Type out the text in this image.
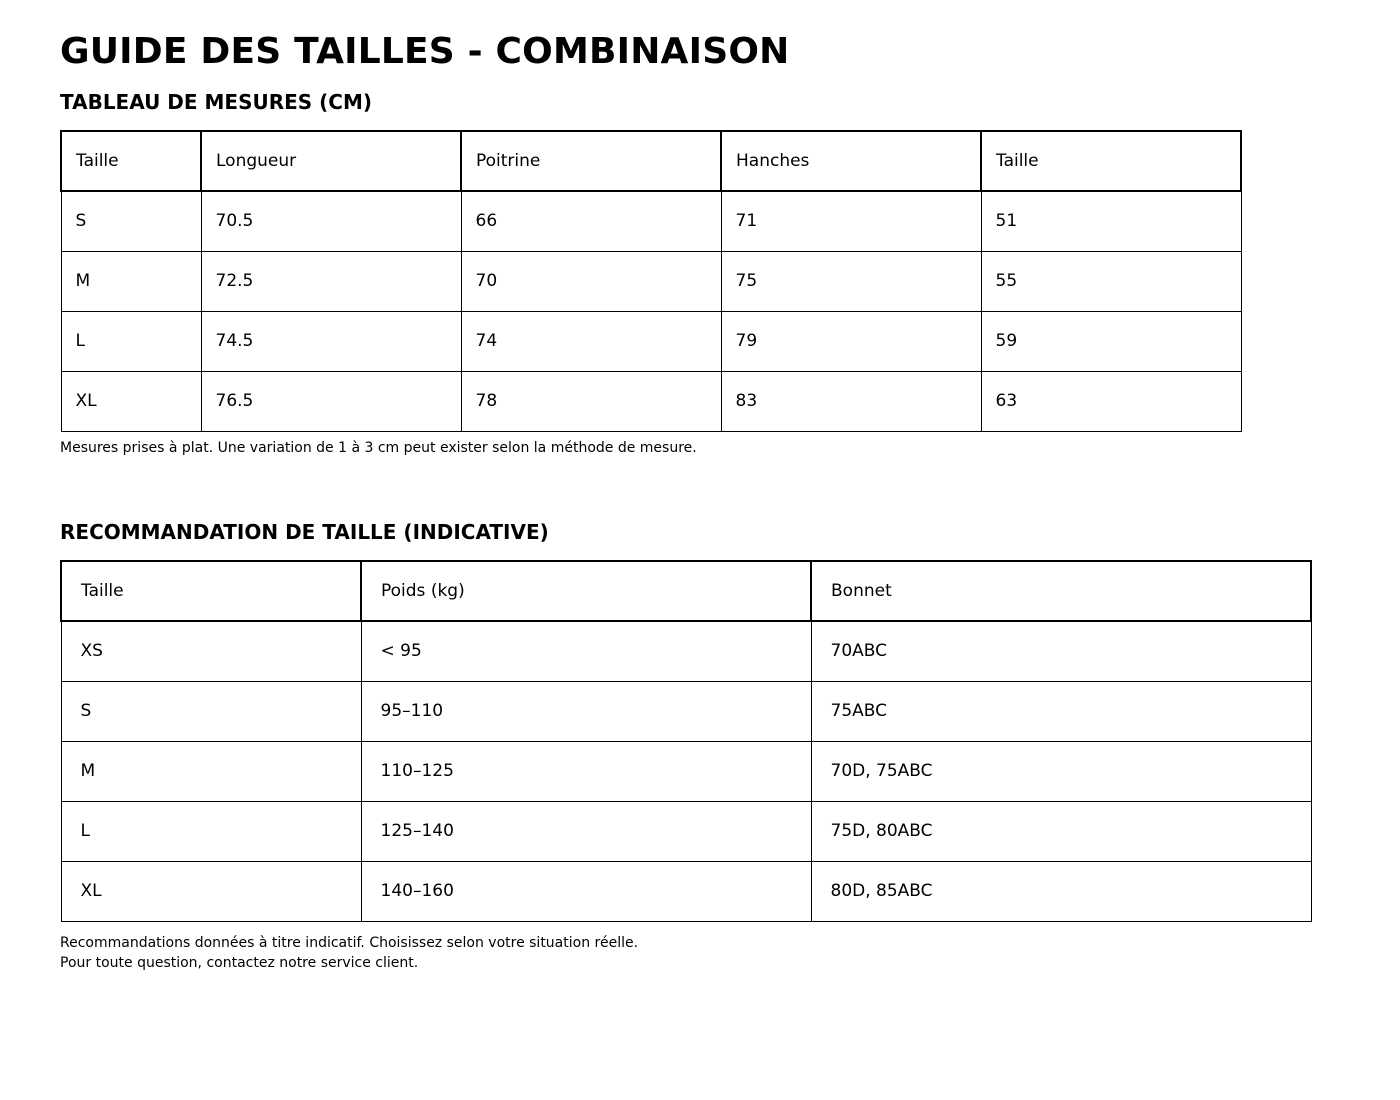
GUIDE DES TAILLES - COMBINAISON
TABLEAU DE MESURES (CM)
Taille	Longueur	Poitrine	Hanches	Taille
S	70.5	66	71	51
M	72.5	70	75	55
L	74.5	74	79	59
XL	76.5	78	83	63

Mesures prises à plat. Une variation de 1 à 3 cm peut exister selon la méthode de mesure.

RECOMMANDATION DE TAILLE (INDICATIVE)
Taille	Poids (kg)	Bonnet
XS	< 95	70ABC
S	95–110	75ABC
M	110–125	70D, 75ABC
L	125–140	75D, 80ABC
XL	140–160	80D, 85ABC

Recommandations données à titre indicatif. Choisissez selon votre situation réelle.

Pour toute question, contactez notre service client.
